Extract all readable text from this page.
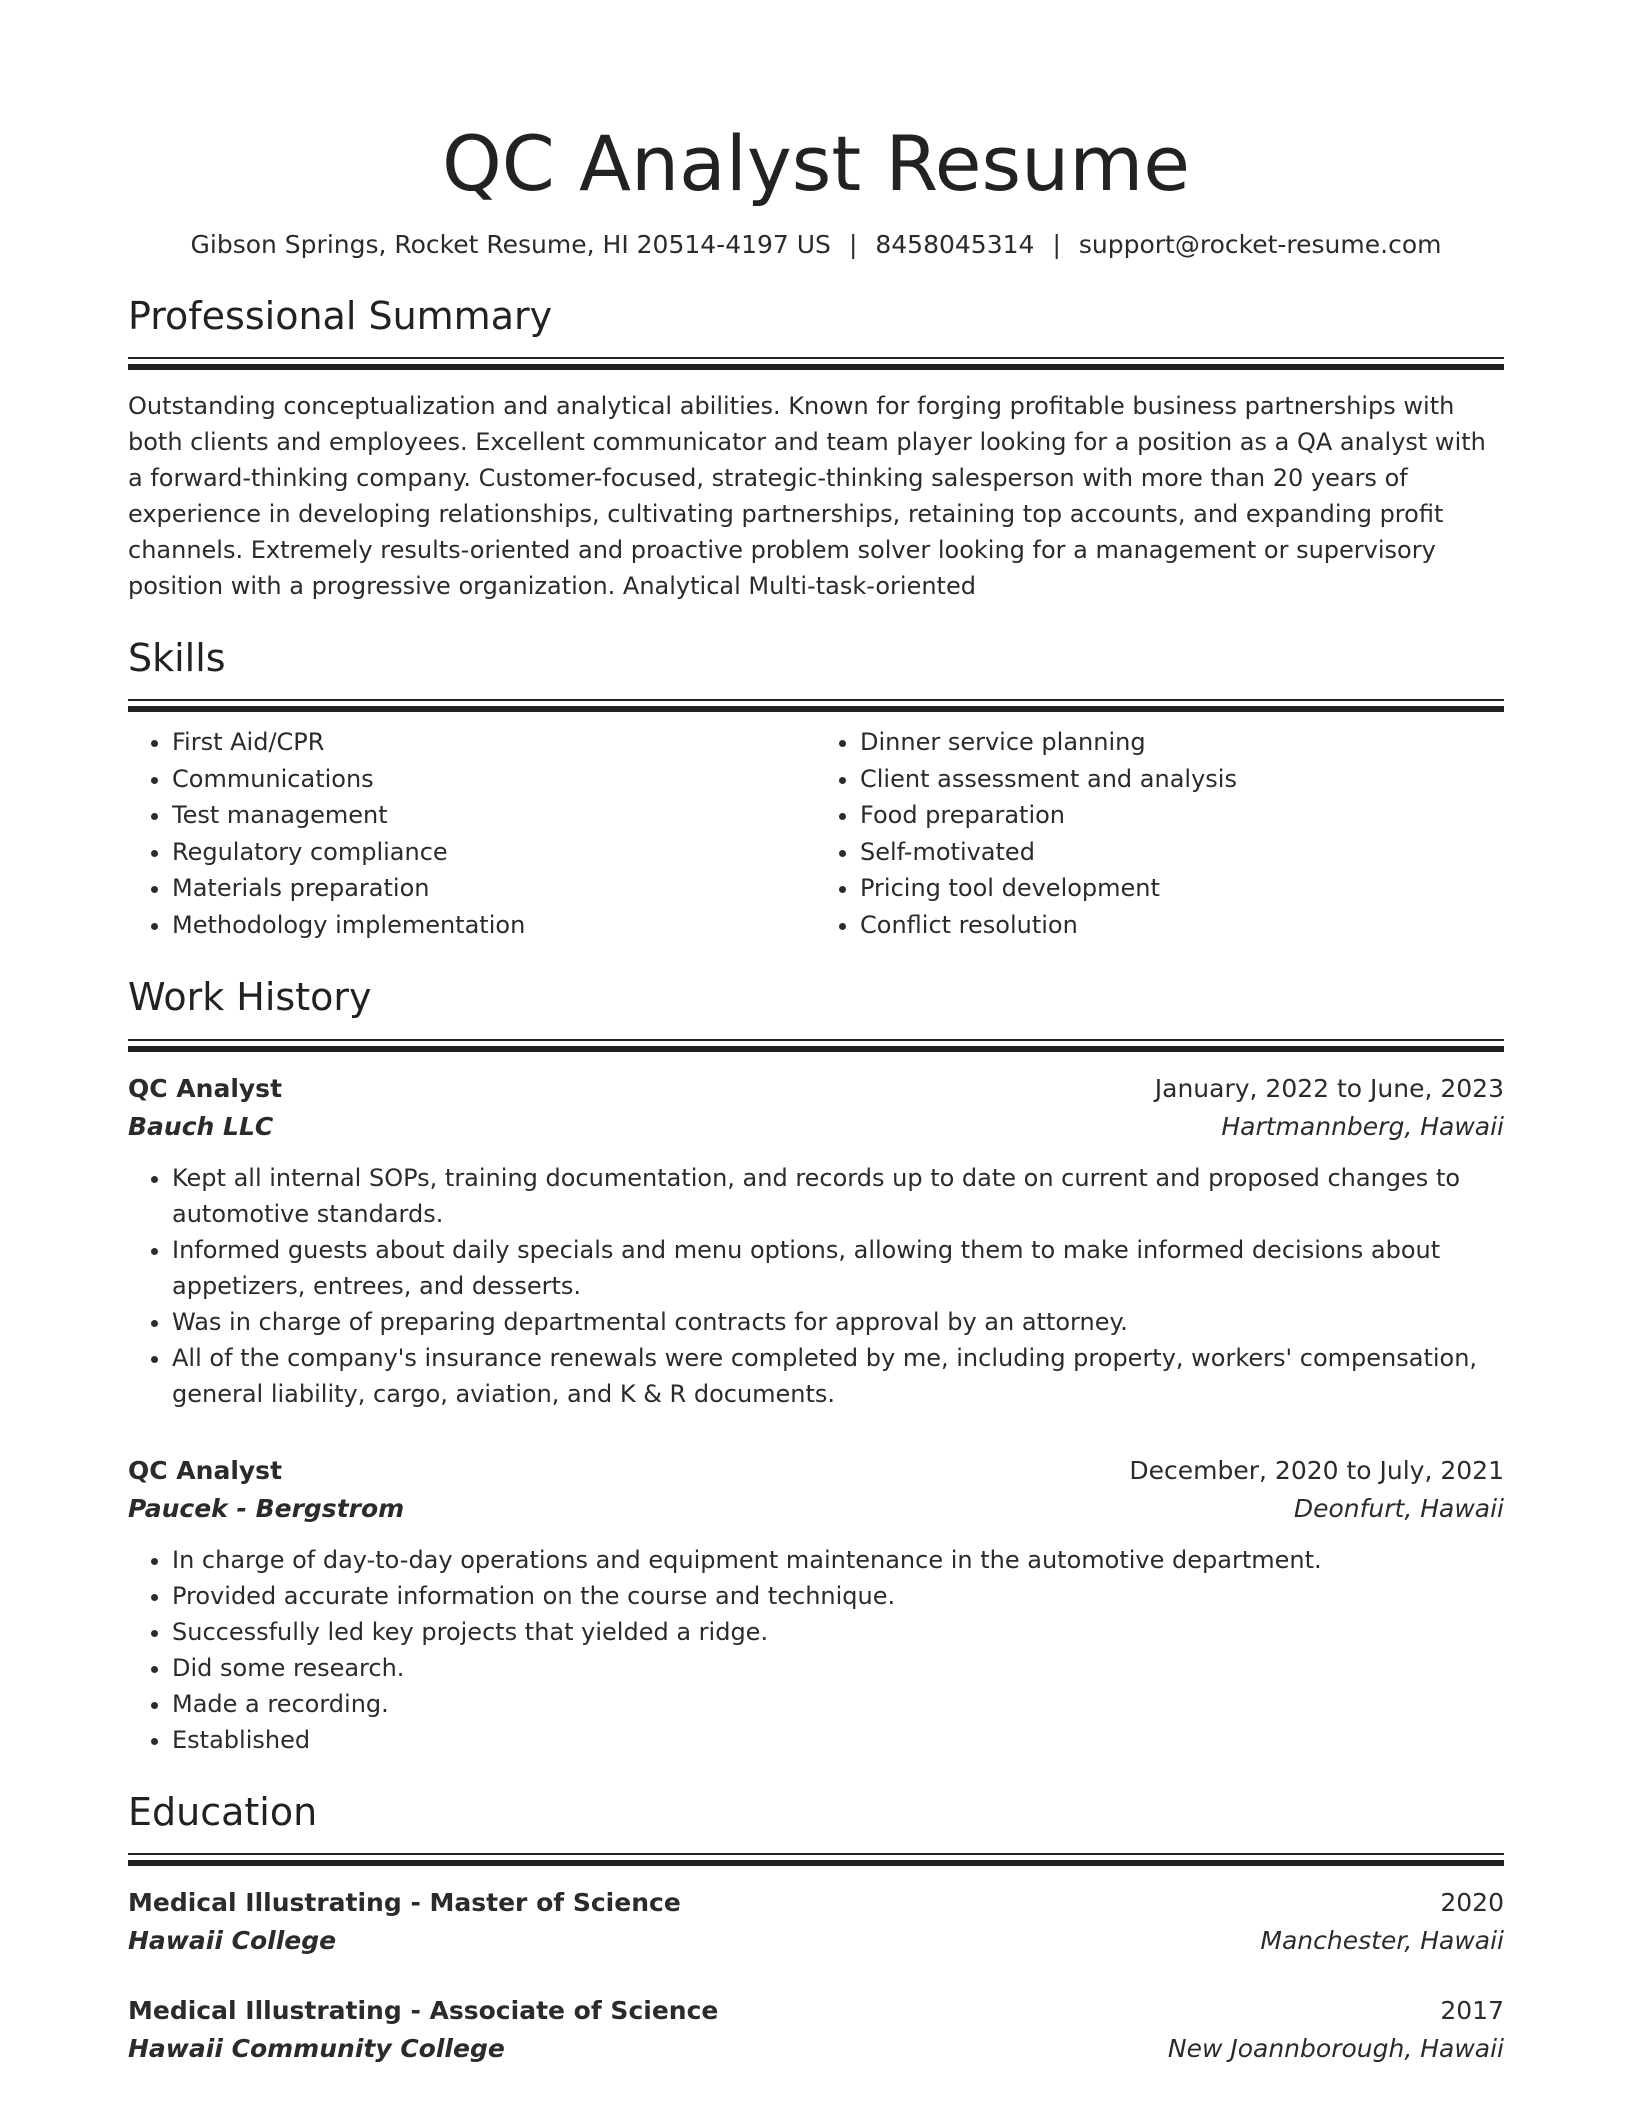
QC Analyst Resume
Gibson Springs, Rocket Resume, HI 20514-4197 US | 8458045314 | support@rocket-resume.com
Professional Summary
Outstanding conceptualization and analytical abilities. Known for forging profitable business partnerships with both clients and employees. Excellent communicator and team player looking for a position as a QA analyst with a forward-thinking company. Customer-focused, strategic-thinking salesperson with more than 20 years of experience in developing relationships, cultivating partnerships, retaining top accounts, and expanding profit channels. Extremely results-oriented and proactive problem solver looking for a management or supervisory position with a progressive organization. Analytical Multi-task-oriented
Skills
• First Aid/CPR
• Communications
• Test management
• Regulatory compliance
• Materials preparation
• Methodology implementation
• Dinner service planning
• Client assessment and analysis
• Food preparation
• Self-motivated
• Pricing tool development
• Conflict resolution
Work History
QC Analyst	January, 2022 to June, 2023
Bauch LLC	Hartmannberg, Hawaii
• Kept all internal SOPs, training documentation, and records up to date on current and proposed changes to automotive standards.
• Informed guests about daily specials and menu options, allowing them to make informed decisions about appetizers, entrees, and desserts.
• Was in charge of preparing departmental contracts for approval by an attorney.
• All of the company's insurance renewals were completed by me, including property, workers' compensation, general liability, cargo, aviation, and K & R documents.
QC Analyst	December, 2020 to July, 2021
Paucek - Bergstrom	Deonfurt, Hawaii
• In charge of day-to-day operations and equipment maintenance in the automotive department.
• Provided accurate information on the course and technique.
• Successfully led key projects that yielded a ridge.
• Did some research.
• Made a recording.
• Established
Education
Medical Illustrating - Master of Science	2020
Hawaii College	Manchester, Hawaii
Medical Illustrating - Associate of Science	2017
Hawaii Community College	New Joannborough, Hawaii
